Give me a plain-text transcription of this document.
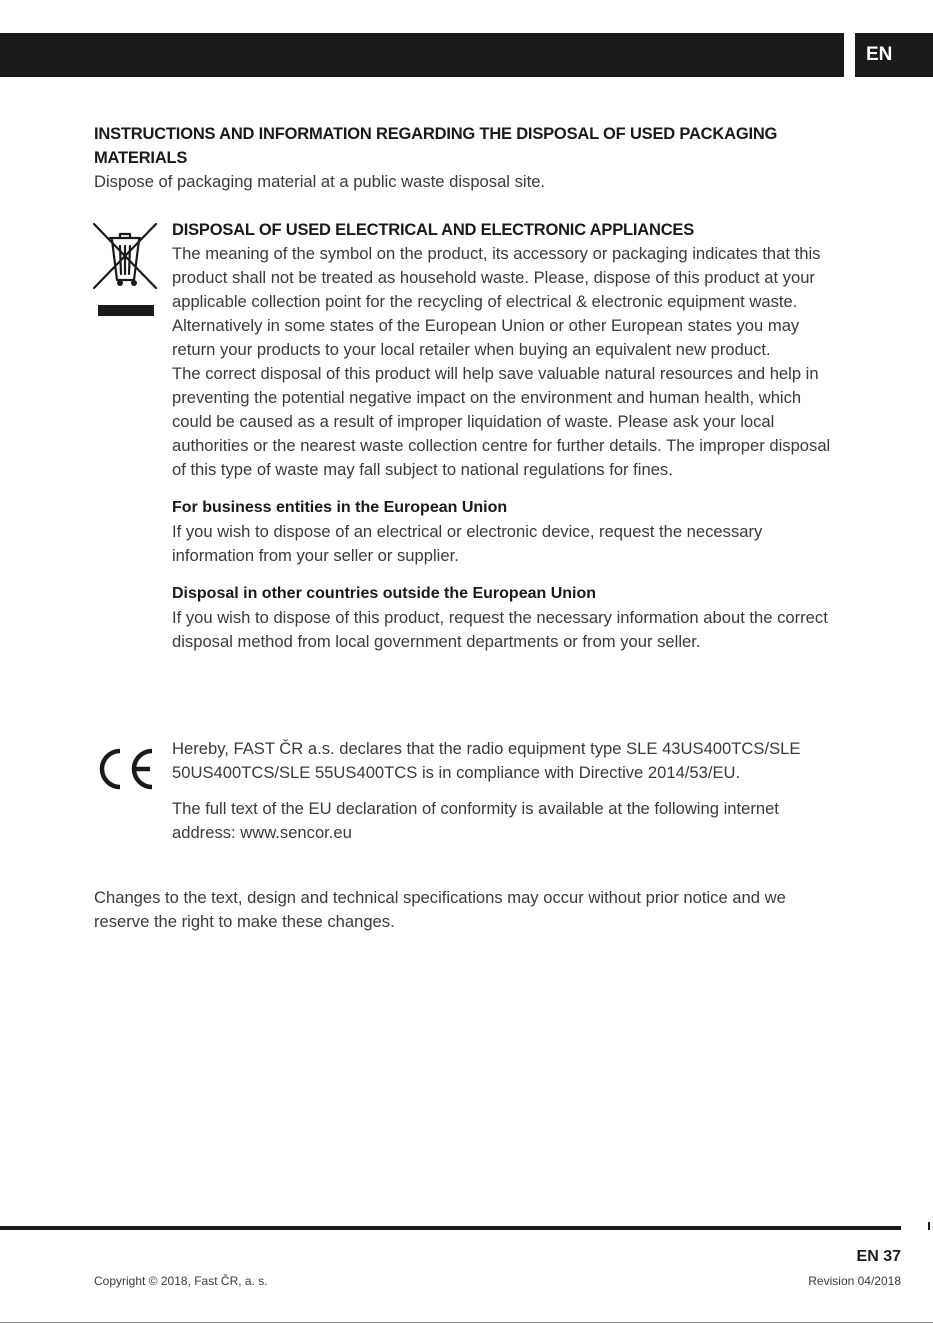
EN
INSTRUCTIONS AND INFORMATION REGARDING THE DISPOSAL OF USED PACKAGING MATERIALS

Dispose of packaging material at a public waste disposal site.

DISPOSAL OF USED ELECTRICAL AND ELECTRONIC APPLIANCES

The meaning of the symbol on the product, its accessory or packaging indicates that this product shall not be treated as household waste. Please, dispose of this product at your applicable collection point for the recycling of electrical & electronic equipment waste. Alternatively in some states of the European Union or other European states you may return your products to your local retailer when buying an equivalent new product.

The correct disposal of this product will help save valuable natural resources and help in preventing the potential negative impact on the environment and human health, which could be caused as a result of improper liquidation of waste. Please ask your local authorities or the nearest waste collection centre for further details. The improper disposal of this type of waste may fall subject to national regulations for fines.

For business entities in the European Union

If you wish to dispose of an electrical or electronic device, request the necessary information from your seller or supplier.

Disposal in other countries outside the European Union

If you wish to dispose of this product, request the necessary information about the correct disposal method from local government departments or from your seller.

Hereby, FAST ČR a.s. declares that the radio equipment type SLE 43US400TCS/SLE 50US400TCS/SLE 55US400TCS is in compliance with Directive 2014/53/EU.

The full text of the EU declaration of conformity is available at the following internet address: www.sencor.eu

Changes to the text, design and technical specifications may occur without prior notice and we reserve the right to make these changes.

EN 37
Copyright © 2018, Fast ČR, a. s.	Revision 04/2018
